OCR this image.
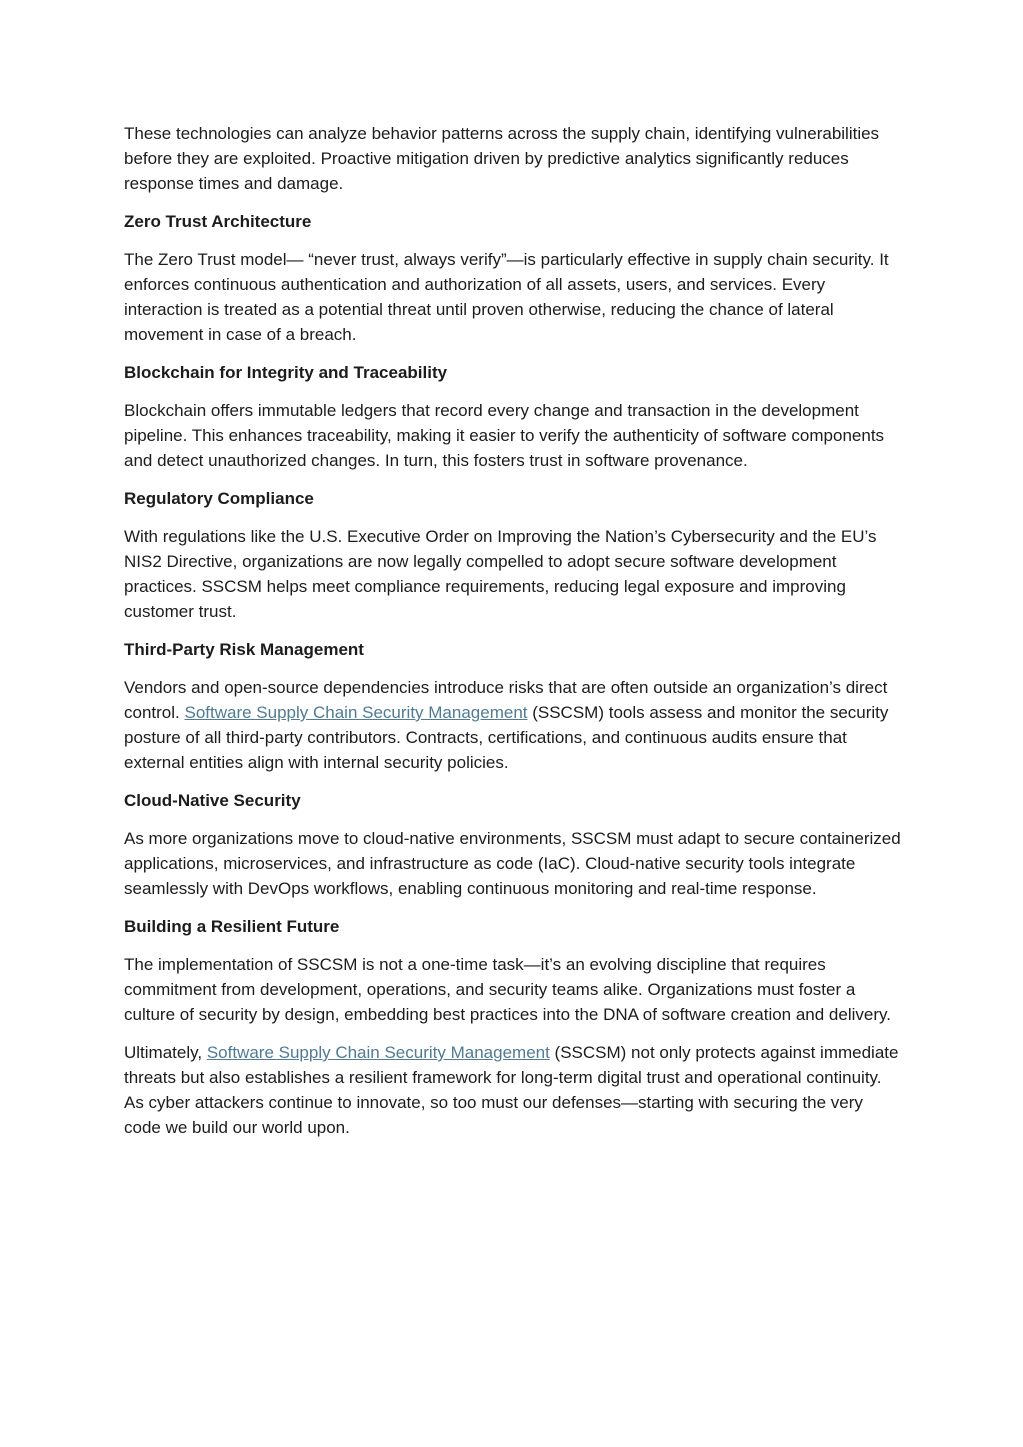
These technologies can analyze behavior patterns across the supply chain, identifying vulnerabilities before they are exploited. Proactive mitigation driven by predictive analytics significantly reduces response times and damage.

Zero Trust Architecture

The Zero Trust model— “never trust, always verify”—is particularly effective in supply chain security. It enforces continuous authentication and authorization of all assets, users, and services. Every interaction is treated as a potential threat until proven otherwise, reducing the chance of lateral movement in case of a breach.

Blockchain for Integrity and Traceability

Blockchain offers immutable ledgers that record every change and transaction in the development pipeline. This enhances traceability, making it easier to verify the authenticity of software components and detect unauthorized changes. In turn, this fosters trust in software provenance.

Regulatory Compliance

With regulations like the U.S. Executive Order on Improving the Nation’s Cybersecurity and the EU’s NIS2 Directive, organizations are now legally compelled to adopt secure software development practices. SSCSM helps meet compliance requirements, reducing legal exposure and improving customer trust.

Third-Party Risk Management

Vendors and open-source dependencies introduce risks that are often outside an organization’s direct control. Software Supply Chain Security Management (SSCSM) tools assess and monitor the security posture of all third-party contributors. Contracts, certifications, and continuous audits ensure that external entities align with internal security policies.

Cloud-Native Security

As more organizations move to cloud-native environments, SSCSM must adapt to secure containerized applications, microservices, and infrastructure as code (IaC). Cloud-native security tools integrate seamlessly with DevOps workflows, enabling continuous monitoring and real-time response.

Building a Resilient Future

The implementation of SSCSM is not a one-time task—it’s an evolving discipline that requires commitment from development, operations, and security teams alike. Organizations must foster a culture of security by design, embedding best practices into the DNA of software creation and delivery.

Ultimately, Software Supply Chain Security Management (SSCSM) not only protects against immediate threats but also establishes a resilient framework for long-term digital trust and operational continuity. As cyber attackers continue to innovate, so too must our defenses—starting with securing the very code we build our world upon.
